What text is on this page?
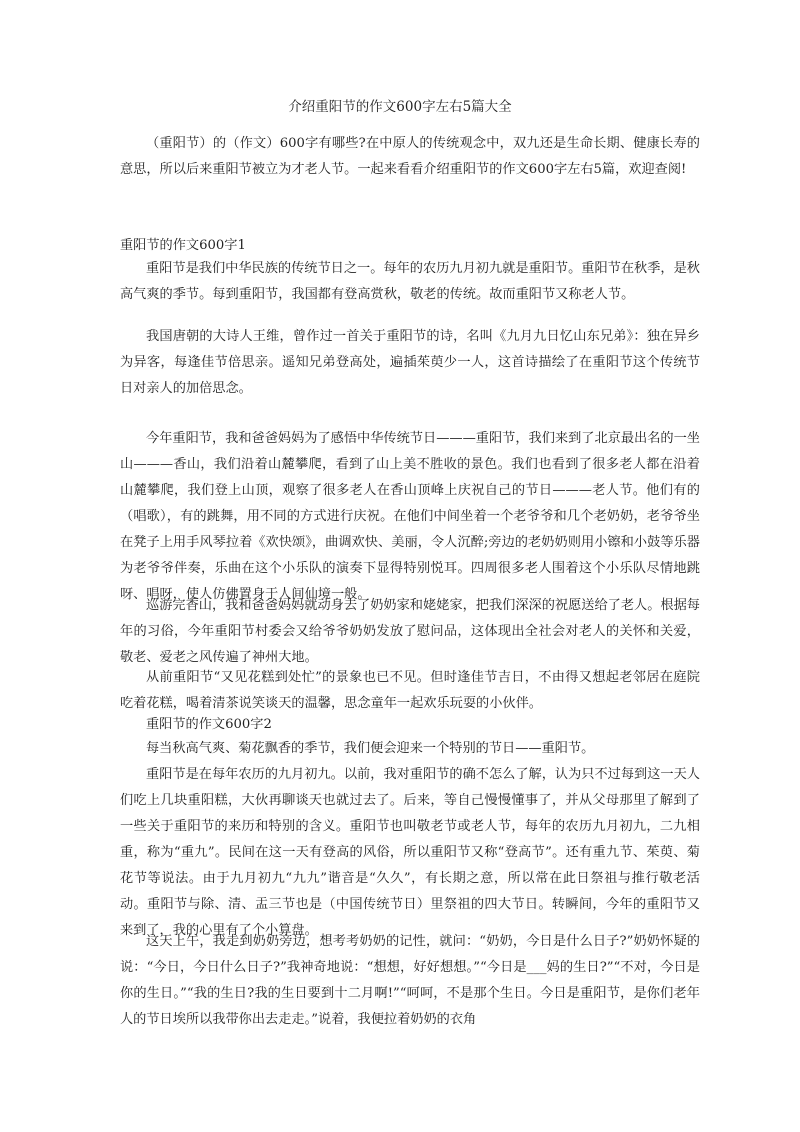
介绍重阳节的作文600字左右5篇大全
（重阳节）的（作文）600字有哪些?在中原人的传统观念中，双九还是生命长期、健康长寿的意思，所以后来重阳节被立为才老人节。一起来看看介绍重阳节的作文600字左右5篇，欢迎查阅!
重阳节的作文600字1
重阳节是我们中华民族的传统节日之一。每年的农历九月初九就是重阳节。重阳节在秋季，是秋高气爽的季节。每到重阳节，我国都有登高赏秋，敬老的传统。故而重阳节又称老人节。
我国唐朝的大诗人王维，曾作过一首关于重阳节的诗，名叫《九月九日忆山东兄弟》：独在异乡为异客，每逢佳节倍思亲。遥知兄弟登高处，遍插茱萸少一人，这首诗描绘了在重阳节这个传统节日对亲人的加倍思念。
今年重阳节，我和爸爸妈妈为了感悟中华传统节日———重阳节，我们来到了北京最出名的一坐山———香山，我们沿着山麓攀爬，看到了山上美不胜收的景色。我们也看到了很多老人都在沿着山麓攀爬，我们登上山顶，观察了很多老人在香山顶峰上庆祝自己的节日———老人节。他们有的（唱歌），有的跳舞，用不同的方式进行庆祝。在他们中间坐着一个老爷爷和几个老奶奶，老爷爷坐在凳子上用手风琴拉着《欢快颂》，曲调欢快、美丽，令人沉醉;旁边的老奶奶则用小镲和小鼓等乐器为老爷爷伴奏，乐曲在这个小乐队的演奏下显得特别悦耳。四周很多老人围着这个小乐队尽情地跳呀、唱呀，使人仿佛置身于人间仙境一般。
巡游完香山，我和爸爸妈妈就动身去了奶奶家和姥姥家，把我们深深的祝愿送给了老人。根据每年的习俗，今年重阳节村委会又给爷爷奶奶发放了慰问品，这体现出全社会对老人的关怀和关爱，敬老、爱老之风传遍了神州大地。
从前重阳节“又见花糕到处忙”的景象也已不见。但时逢佳节吉日，不由得又想起老邻居在庭院吃着花糕，喝着清茶说笑谈天的温馨，思念童年一起欢乐玩耍的小伙伴。
重阳节的作文600字2
每当秋高气爽、菊花飘香的季节，我们便会迎来一个特别的节日——重阳节。
重阳节是在每年农历的九月初九。以前，我对重阳节的确不怎么了解，认为只不过每到这一天人们吃上几块重阳糕，大伙再聊谈天也就过去了。后来，等自己慢慢懂事了，并从父母那里了解到了一些关于重阳节的来历和特别的含义。重阳节也叫敬老节或老人节，每年的农历九月初九，二九相重，称为“重九”。民间在这一天有登高的风俗，所以重阳节又称“登高节”。还有重九节、茱萸、菊花节等说法。由于九月初九“九九”谐音是“久久”，有长期之意，所以常在此日祭祖与推行敬老活动。重阳节与除、清、盂三节也是（中国传统节日）里祭祖的四大节日。转瞬间，今年的重阳节又来到了，我的心里有了个小算盘。
这天上午，我走到奶奶旁边，想考考奶奶的记性，就问：“奶奶，今日是什么日子?”奶奶怀疑的说：“今日，今日什么日子?”我神奇地说：“想想，好好想想。”“今日是___妈的生日?”“不对，今日是你的生日。”“我的生日?我的生日要到十二月啊!”“呵呵，不是那个生日。今日是重阳节，是你们老年人的节日埃所以我带你出去走走。”说着，我便拉着奶奶的衣角
